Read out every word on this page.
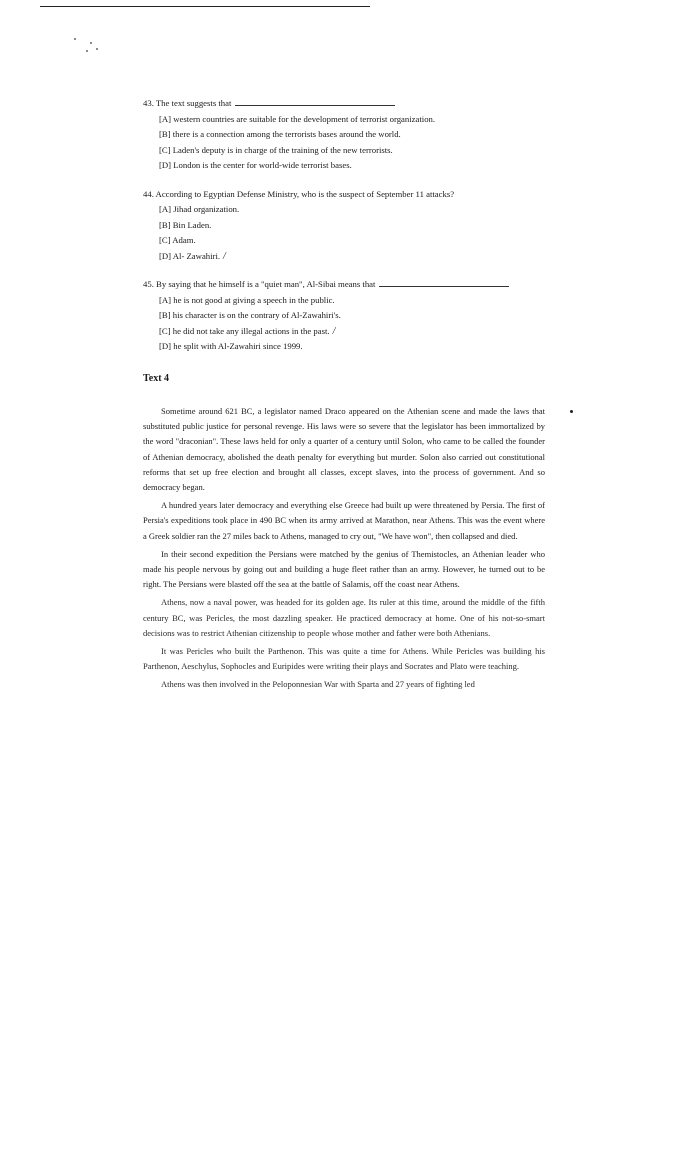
43. The text suggests that
[A] western countries are suitable for the development of terrorist organization.
[B] there is a connection among the terrorists bases around the world.
[C] Laden's deputy is in charge of the training of the new terrorists.
[D] London is the center for world-wide terrorist bases.
44. According to Egyptian Defense Ministry, who is the suspect of September 11 attacks?
[A] Jihad organization.
[B] Bin Laden.
[C] Adam.
[D] Al- Zawahiri. /
45. By saying that he himself is a "quiet man", Al-Sibai means that
[A] he is not good at giving a speech in the public.
[B] his character is on the contrary of Al-Zawahiri's.
[C] he did not take any illegal actions in the past. /
[D] he split with Al-Zawahiri since 1999.
Text 4

Sometime around 621 BC, a legislator named Draco appeared on the Athenian scene and made the laws that substituted public justice for personal revenge. His laws were so severe that the legislator has been immortalized by the word "draconian". These laws held for only a quarter of a century until Solon, who came to be called the founder of Athenian democracy, abolished the death penalty for everything but murder. Solon also carried out constitutional reforms that set up free election and brought all classes, except slaves, into the process of government. And so democracy began.

A hundred years later democracy and everything else Greece had built up were threatened by Persia. The first of Persia's expeditions took place in 490 BC when its army arrived at Marathon, near Athens. This was the event where a Greek soldier ran the 27 miles back to Athens, managed to cry out, "We have won", then collapsed and died.

In their second expedition the Persians were matched by the genius of Themistocles, an Athenian leader who made his people nervous by going out and building a huge fleet rather than an army. However, he turned out to be right. The Persians were blasted off the sea at the battle of Salamis, off the coast near Athens.

Athens, now a naval power, was headed for its golden age. Its ruler at this time, around the middle of the fifth century BC, was Pericles, the most dazzling speaker. He practiced democracy at home. One of his not-so-smart decisions was to restrict Athenian citizenship to people whose mother and father were both Athenians.

It was Pericles who built the Parthenon. This was quite a time for Athens. While Pericles was building his Parthenon, Aeschylus, Sophocles and Euripides were writing their plays and Socrates and Plato were teaching.

Athens was then involved in the Peloponnesian War with Sparta and 27 years of fighting led
